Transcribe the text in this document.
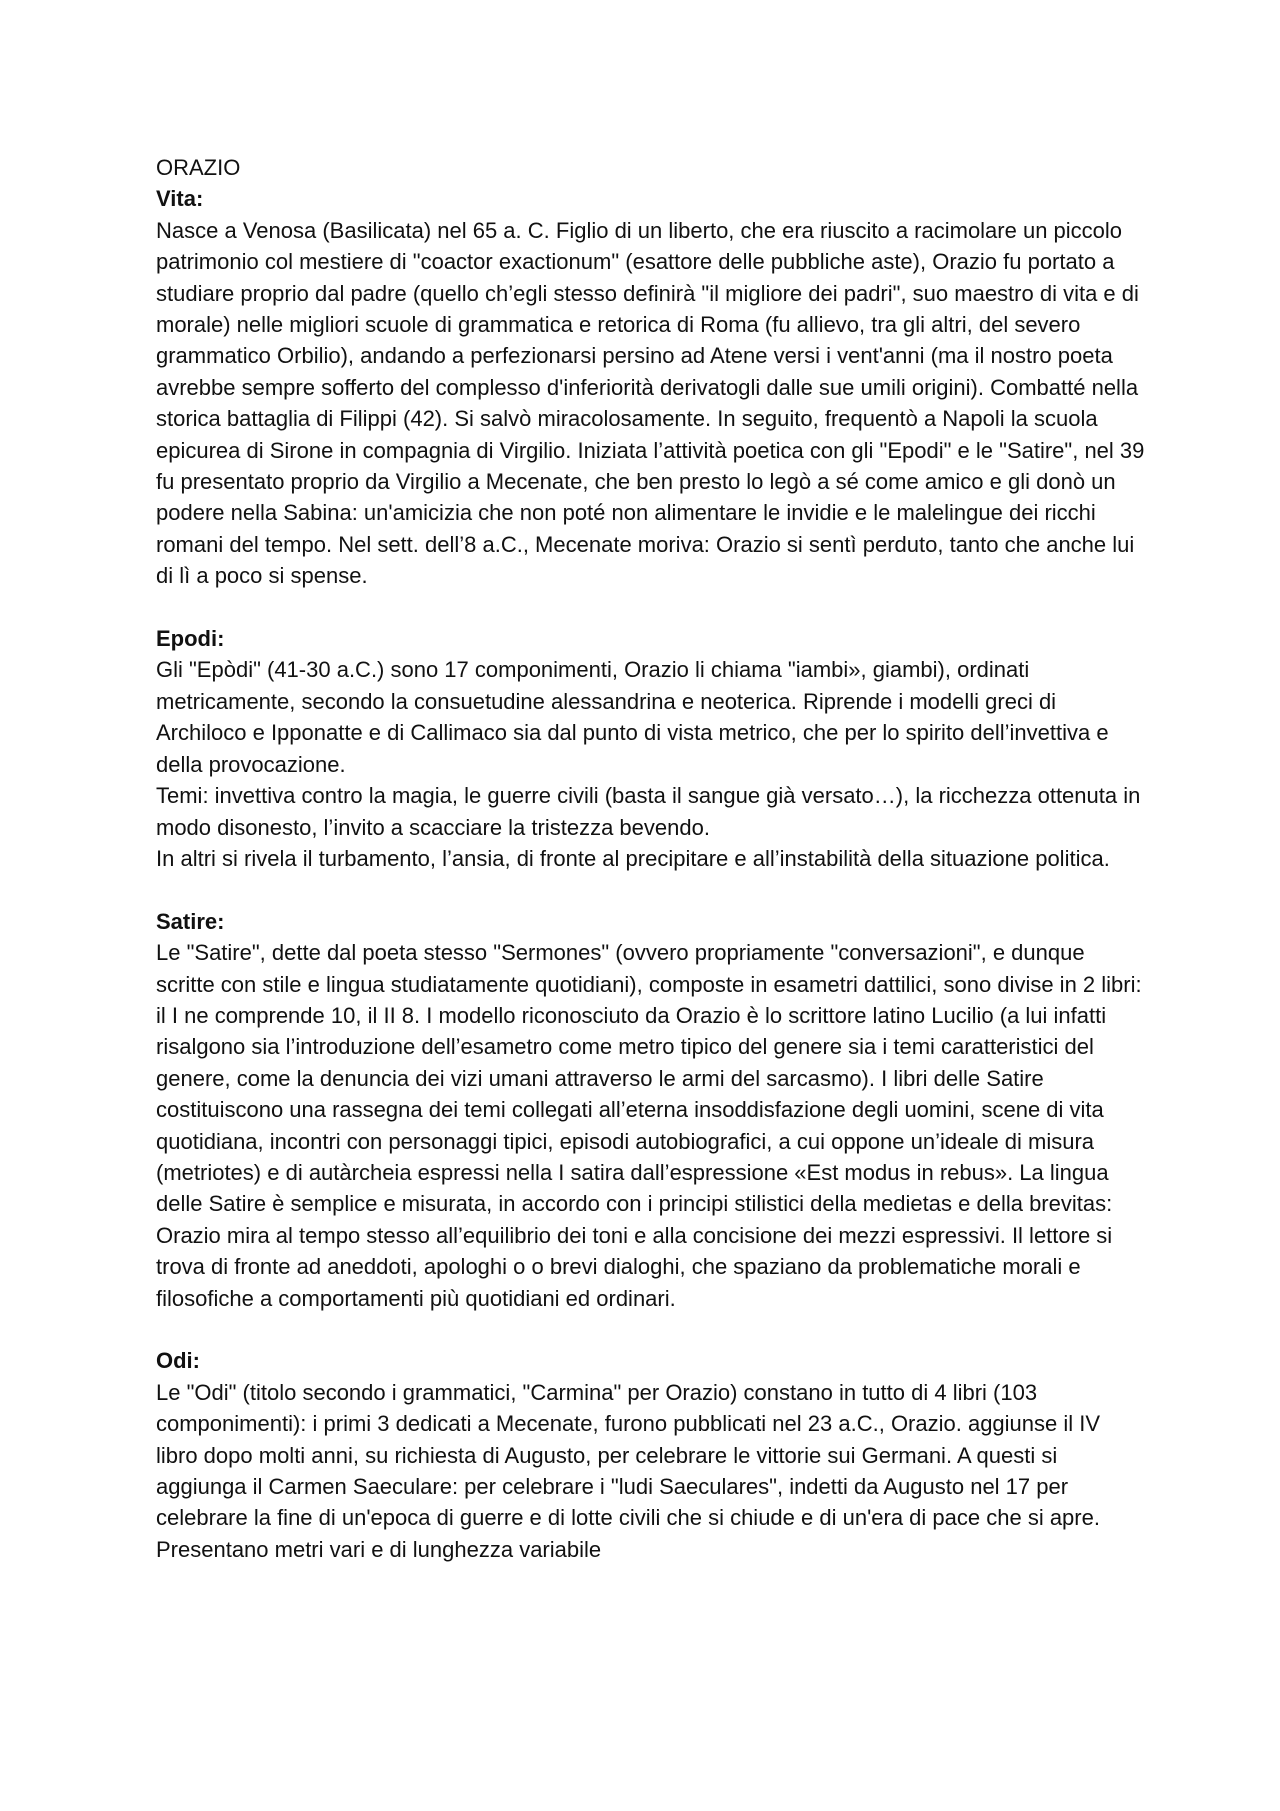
ORAZIO
Vita:

Nasce a Venosa (Basilicata) nel 65 a. C. Figlio di un liberto, che era riuscito a racimolare un piccolo patrimonio col mestiere di "coactor exactionum" (esattore delle pubbliche aste), Orazio fu portato a studiare proprio dal padre (quello ch’egli stesso definirà "il migliore dei padri", suo maestro di vita e di morale) nelle migliori scuole di grammatica e retorica di Roma (fu allievo, tra gli altri, del severo grammatico Orbilio), andando a perfezionarsi persino ad Atene versi i vent'anni (ma il nostro poeta avrebbe sempre sofferto del complesso d'inferiorità derivatogli dalle sue umili origini). Combatté nella storica battaglia di Filippi (42). Si salvò miracolosamente. In seguito, frequentò a Napoli la scuola epicurea di Sirone in compagnia di Virgilio. Iniziata l’attività poetica con gli "Epodi" e le "Satire", nel 39 fu presentato proprio da Virgilio a Mecenate, che ben presto lo legò a sé come amico e gli donò un podere nella Sabina: un'amicizia che non poté non alimentare le invidie e le malelingue dei ricchi romani del tempo. Nel sett. dell’8 a.C., Mecenate moriva: Orazio si sentì perduto, tanto che anche lui di lì a poco si spense.

Epodi:

Gli "Epòdi" (41-30 a.C.) sono 17 componimenti, Orazio li chiama "iambi», giambi), ordinati metricamente, secondo la consuetudine alessandrina e neoterica. Riprende i modelli greci di Archiloco e Ipponatte e di Callimaco sia dal punto di vista metrico, che per lo spirito dell’invettiva e della provocazione.

Temi: invettiva contro la magia, le guerre civili (basta il sangue già versato…), la ricchezza ottenuta in modo disonesto, l’invito a scacciare la tristezza bevendo.

In altri si rivela il turbamento, l’ansia, di fronte al precipitare e all’instabilità della situazione politica.

Satire:

Le "Satire", dette dal poeta stesso "Sermones" (ovvero propriamente "conversazioni", e dunque scritte con stile e lingua studiatamente quotidiani), composte in esametri dattilici, sono divise in 2 libri: il I ne comprende 10, il II 8. I modello riconosciuto da Orazio è lo scrittore latino Lucilio (a lui infatti risalgono sia l’introduzione dell’esametro come metro tipico del genere sia i temi caratteristici del genere, come la denuncia dei vizi umani attraverso le armi del sarcasmo). I libri delle Satire costituiscono una rassegna dei temi collegati all’eterna insoddisfazione degli uomini, scene di vita quotidiana, incontri con personaggi tipici, episodi autobiografici, a cui oppone un’ideale di misura (metriotes) e di autàrcheia espressi nella I satira dall’espressione «Est modus in rebus». La lingua delle Satire è semplice e misurata, in accordo con i principi stilistici della medietas e della brevitas: Orazio mira al tempo stesso all’equilibrio dei toni e alla concisione dei mezzi espressivi. Il lettore si trova di fronte ad aneddoti, apologhi o o brevi dialoghi, che spaziano da problematiche morali e filosofiche a comportamenti più quotidiani ed ordinari.

Odi:

Le "Odi" (titolo secondo i grammatici, "Carmina" per Orazio) constano in tutto di 4 libri (103 componimenti): i primi 3 dedicati a Mecenate, furono pubblicati nel 23 a.C., Orazio. aggiunse il IV libro dopo molti anni, su richiesta di Augusto, per celebrare le vittorie sui Germani. A questi si aggiunga il Carmen Saeculare: per celebrare i "ludi Saeculares", indetti da Augusto nel 17 per celebrare la fine di un'epoca di guerre e di lotte civili che si chiude e di un'era di pace che si apre. Presentano metri vari e di lunghezza variabile
